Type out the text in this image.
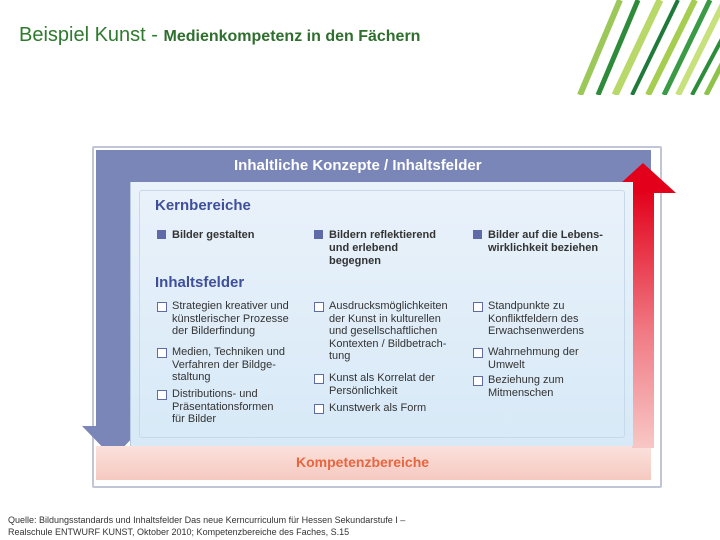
Beispiel Kunst - Medienkompetenz in den Fächern
Inhaltliche Konzepte / Inhaltsfelder
Kompetenzbereiche
Kernbereiche
Bilder gestalten	Bildern reflektierend
und erlebend
begegnen
Bilder auf die Lebens-
wirklichkeit beziehen
Inhaltsfelder
Strategien kreativer und
künstlerischer Prozesse
der Bilderfindung
Medien, Techniken und
Verfahren der Bildge-
staltung
Distributions- und
Präsentationsformen
für Bilder
Ausdrucksmöglichkeiten
der Kunst in kulturellen
und gesellschaftlichen
Kontexten / Bildbetrach-
tung
Kunst als Korrelat der
Persönlichkeit
Kunstwerk als Form
Standpunkte zu
Konfliktfeldern des
Erwachsenwerdens
Wahrnehmung der
Umwelt
Beziehung zum
Mitmenschen
Quelle: Bildungsstandards und Inhaltsfelder Das neue Kerncurriculum für Hessen Sekundarstufe I –
Realschule ENTWURF KUNST, Oktober 2010; Kompetenzbereiche des Faches, S.15
